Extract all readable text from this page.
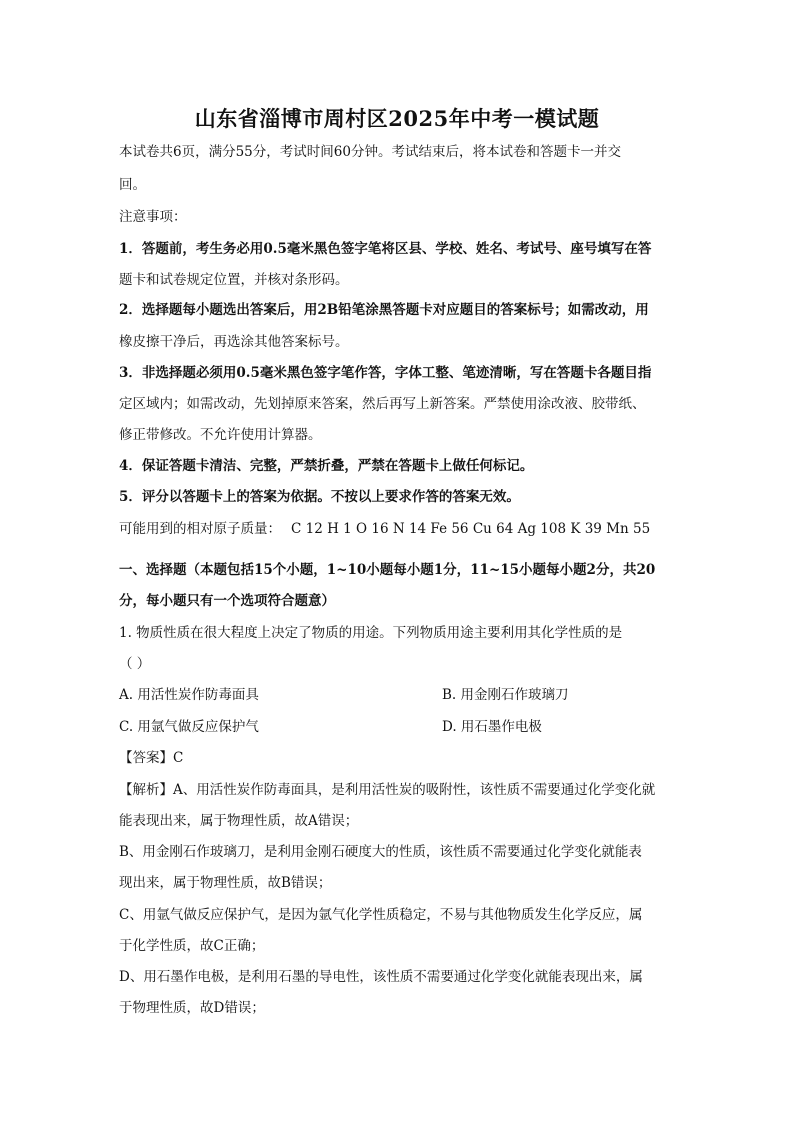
山东省淄博市周村区2025年中考一模试题
本试卷共6页，满分55分，考试时间60分钟。考试结束后，将本试卷和答题卡一并交
回。
注意事项：
1．答题前，考生务必用0.5毫米黑色签字笔将区县、学校、姓名、考试号、座号填写在答
题卡和试卷规定位置，并核对条形码。
2．选择题每小题选出答案后，用2B铅笔涂黑答题卡对应题目的答案标号；如需改动，用
橡皮擦干净后，再选涂其他答案标号。
3．非选择题必须用0.5毫米黑色签字笔作答，字体工整、笔迹清晰，写在答题卡各题目指
定区域内；如需改动，先划掉原来答案，然后再写上新答案。严禁使用涂改液、胶带纸、
修正带修改。不允许使用计算器。
4．保证答题卡清洁、完整，严禁折叠，严禁在答题卡上做任何标记。
5．评分以答题卡上的答案为依据。不按以上要求作答的答案无效。
可能用到的相对原子质量： C 12 H 1 O 16 N 14 Fe 56 Cu 64 Ag 108 K 39 Mn 55
一、选择题（本题包括15个小题，1~10小题每小题1分，11~15小题每小题2分，共20
分，每小题只有一个选项符合题意）
1. 物质性质在很大程度上决定了物质的用途。下列物质用途主要利用其化学性质的是
（ ）
A. 用活性炭作防毒面具	B. 用金刚石作玻璃刀
C. 用氩气做反应保护气	D. 用石墨作电极
【答案】C
【解析】A、用活性炭作防毒面具，是利用活性炭的吸附性，该性质不需要通过化学变化就
能表现出来，属于物理性质，故A错误；
B、用金刚石作玻璃刀，是利用金刚石硬度大的性质，该性质不需要通过化学变化就能表
现出来，属于物理性质，故B错误；
C、用氩气做反应保护气，是因为氩气化学性质稳定，不易与其他物质发生化学反应，属
于化学性质，故C正确；
D、用石墨作电极，是利用石墨的导电性，该性质不需要通过化学变化就能表现出来，属
于物理性质，故D错误；
